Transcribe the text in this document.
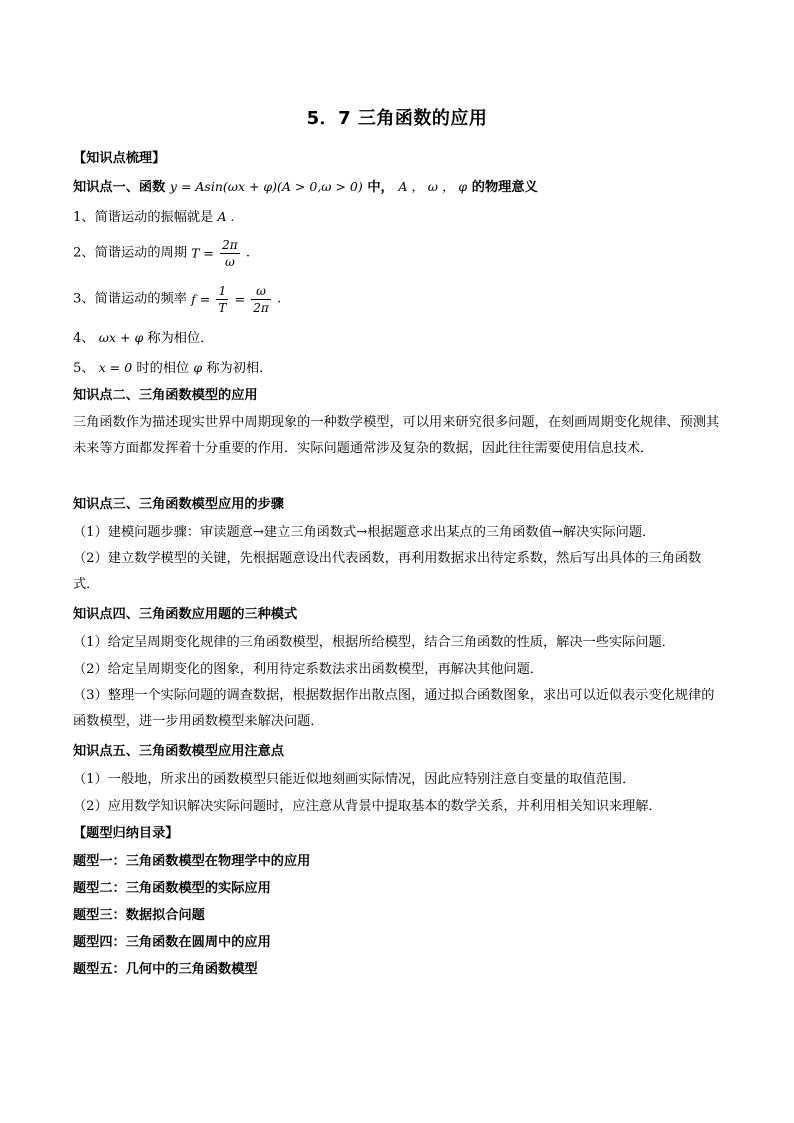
5．7 三角函数的应用
【知识点梳理】
知识点一、函数 y = Asin(ωx + φ)(A > 0,ω > 0) 中， A ， ω ， φ 的物理意义
1、简谐运动的振幅就是 A .
2、简谐运动的周期 $T = \frac{2\pi}{\omega}$ .
3、简谐运动的频率 $f = \frac{1}{T} = \frac{\omega}{2\pi}$ .
4、 ωx + φ 称为相位．
5、 x = 0 时的相位 φ 称为初相．
知识点二、三角函数模型的应用
三角函数作为描述现实世界中周期现象的一种数学模型，可以用来研究很多问题，在刻画周期变化规律、预测其未来等方面都发挥着十分重要的作用．实际问题通常涉及复杂的数据，因此往往需要使用信息技术．
知识点三、三角函数模型应用的步骤
（1）建模问题步骤：审读题意→建立三角函数式→根据题意求出某点的三角函数值→解决实际问题．
（2）建立数学模型的关键，先根据题意设出代表函数，再利用数据求出待定系数，然后写出具体的三角函数式．
知识点四、三角函数应用题的三种模式
（1）给定呈周期变化规律的三角函数模型，根据所给模型，结合三角函数的性质，解决一些实际问题．
（2）给定呈周期变化的图象，利用待定系数法求出函数模型，再解决其他问题．
（3）整理一个实际问题的调查数据，根据数据作出散点图，通过拟合函数图象，求出可以近似表示变化规律的函数模型，进一步用函数模型来解决问题．
知识点五、三角函数模型应用注意点
（1）一般地，所求出的函数模型只能近似地刻画实际情况，因此应特别注意自变量的取值范围．
（2）应用数学知识解决实际问题时，应注意从背景中提取基本的数学关系，并利用相关知识来理解．
【题型归纳目录】
题型一：三角函数模型在物理学中的应用
题型二：三角函数模型的实际应用
题型三：数据拟合问题
题型四：三角函数在圆周中的应用
题型五：几何中的三角函数模型
